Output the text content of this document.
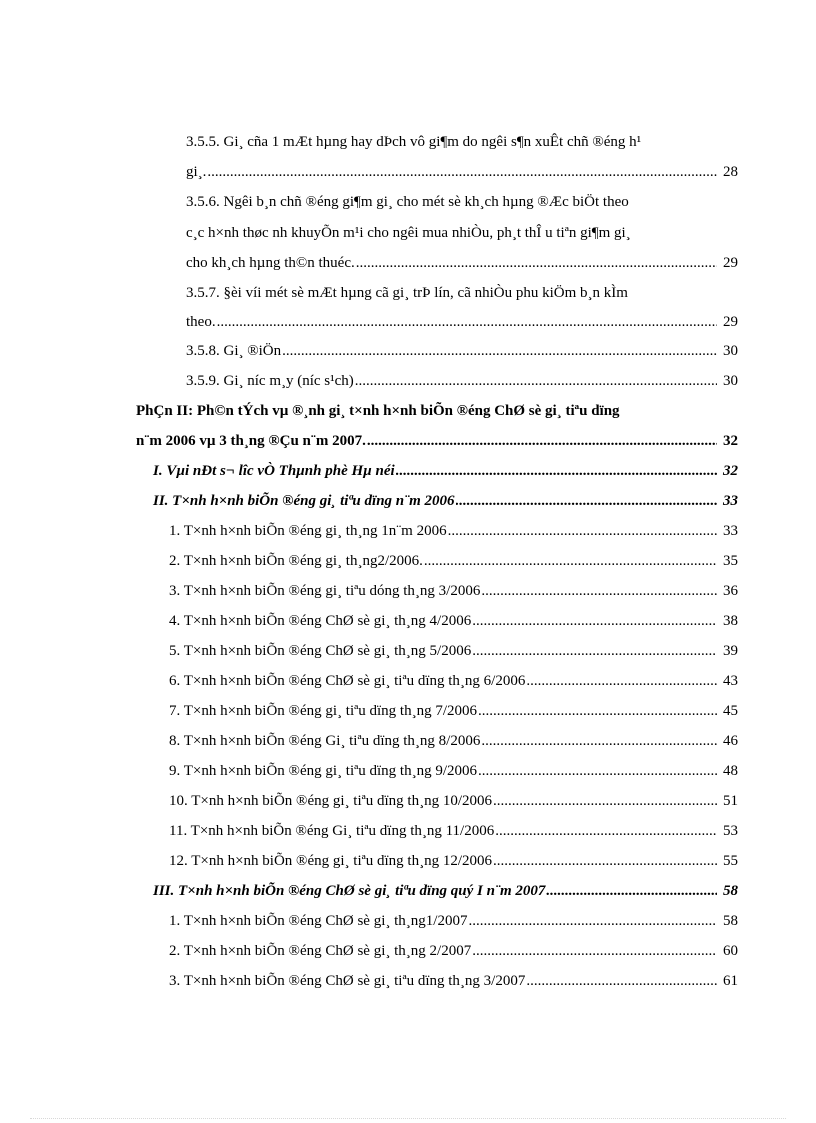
3.5.5. Gi¸ cña 1 mÆt hµng hay dÞch vô gi¶m do ngêi s¶n xuÊt chñ ®éng h¹
gi¸. .....	28
3.5.6. Ngêi b¸n chñ ®éng gi¶m gi¸ cho mét sè kh¸ch hµng ®Æc biÖt theo
c¸c h×nh thøc nh khuyÕn m¹i cho ngêi mua nhiÒu, ph¸t thÎ u tiªn gi¶m gi¸
cho kh¸ch hµng th©n thuéc. .....	29
3.5.7. §èi víi mét sè mÆt hµng cã gi¸ trÞ lín, cã nhiÒu phu kiÖm b¸n kÌm
theo. .....	29
3.5.8. Gi¸ ®iÖn .....	30
3.5.9. Gi¸ níc m¸y (níc s¹ch) .....	30
PhÇn II: Ph©n tÝch vµ ®¸nh gi¸ t×nh h×nh biÕn ®éng ChØ sè gi¸ tiªu dïng
n¨m 2006 vµ 3 th¸ng ®Çu n¨m 2007. .....	32
I. Vµi nÐt s¬ lîc vÒ Thµnh phè Hµ néi .....	32
II. T×nh h×nh biÕn ®éng gi¸ tiªu dïng n¨m 2006 .....	33
1. T×nh h×nh biÕn ®éng gi¸ th¸ng 1n¨m 2006 .....	33
2. T×nh h×nh biÕn ®éng gi¸ th¸ng2/2006. .....	35
3. T×nh h×nh biÕn ®éng gi¸ tiªu dóng th¸ng 3/2006 .....	36
4. T×nh h×nh biÕn ®éng ChØ sè gi¸ th¸ng 4/2006 .....	38
5. T×nh h×nh biÕn ®éng ChØ sè gi¸ th¸ng 5/2006 .....	39
6. T×nh h×nh biÕn ®éng ChØ sè gi¸ tiªu dïng th¸ng 6/2006 .....	43
7. T×nh h×nh biÕn ®éng gi¸ tiªu dïng th¸ng 7/2006 .....	45
8. T×nh h×nh biÕn ®éng Gi¸ tiªu dïng th¸ng 8/2006 .....	46
9. T×nh h×nh biÕn ®éng gi¸ tiªu dïng th¸ng 9/2006 .....	48
10. T×nh h×nh biÕn ®éng gi¸ tiªu dïng th¸ng 10/2006 .....	51
11. T×nh h×nh biÕn ®éng Gi¸ tiªu dïng th¸ng 11/2006 .....	53
12. T×nh h×nh biÕn ®éng gi¸ tiªu dïng th¸ng 12/2006 .....	55
III. T×nh h×nh biÕn ®éng ChØ sè gi¸ tiªu dïng quý I n¨m 2007 .....	58
1. T×nh h×nh biÕn ®éng ChØ sè gi¸ th¸ng1/2007 .....	58
2. T×nh h×nh biÕn ®éng ChØ sè gi¸ th¸ng 2/2007 .....	60
3. T×nh h×nh biÕn ®éng ChØ sè gi¸ tiªu dïng th¸ng 3/2007 .....	61
